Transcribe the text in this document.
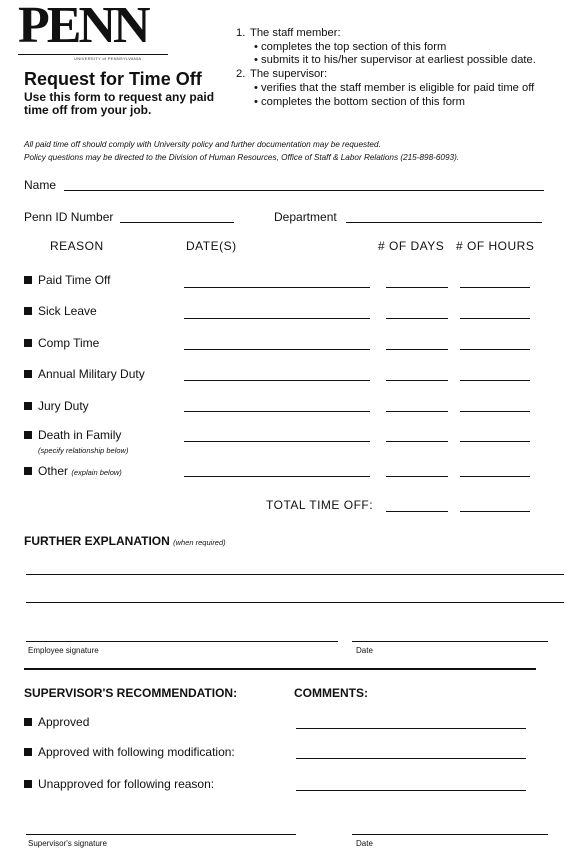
PENN
UNIVERSITY of PENNSYLVANIA
Request for Time Off
Use this form to request any paid time off from your job.
1. The staff member:
• completes the top section of this form
• submits it to his/her supervisor at earliest possible date.
2. The supervisor:
• verifies that the staff member is eligible for paid time off
• completes the bottom section of this form
All paid time off should comply with University policy and further documentation may be requested.
Policy questions may be directed to the Division of Human Resources, Office of Staff & Labor Relations (215-898-6093).
Name
Penn ID Number	Department
REASON	DATE(S)	# OF DAYS # OF HOURS
Paid Time Off
Sick Leave
Comp Time
Annual Military Duty
Jury Duty
Death in Family
(specify relationship below)
Other (explain below)
TOTAL TIME OFF:
FURTHER EXPLANATION (when required)
Employee signature	Date
SUPERVISOR'S RECOMMENDATION:	COMMENTS:
Approved
Approved with following modification:
Unapproved for following reason:
Supervisor's signature	Date
